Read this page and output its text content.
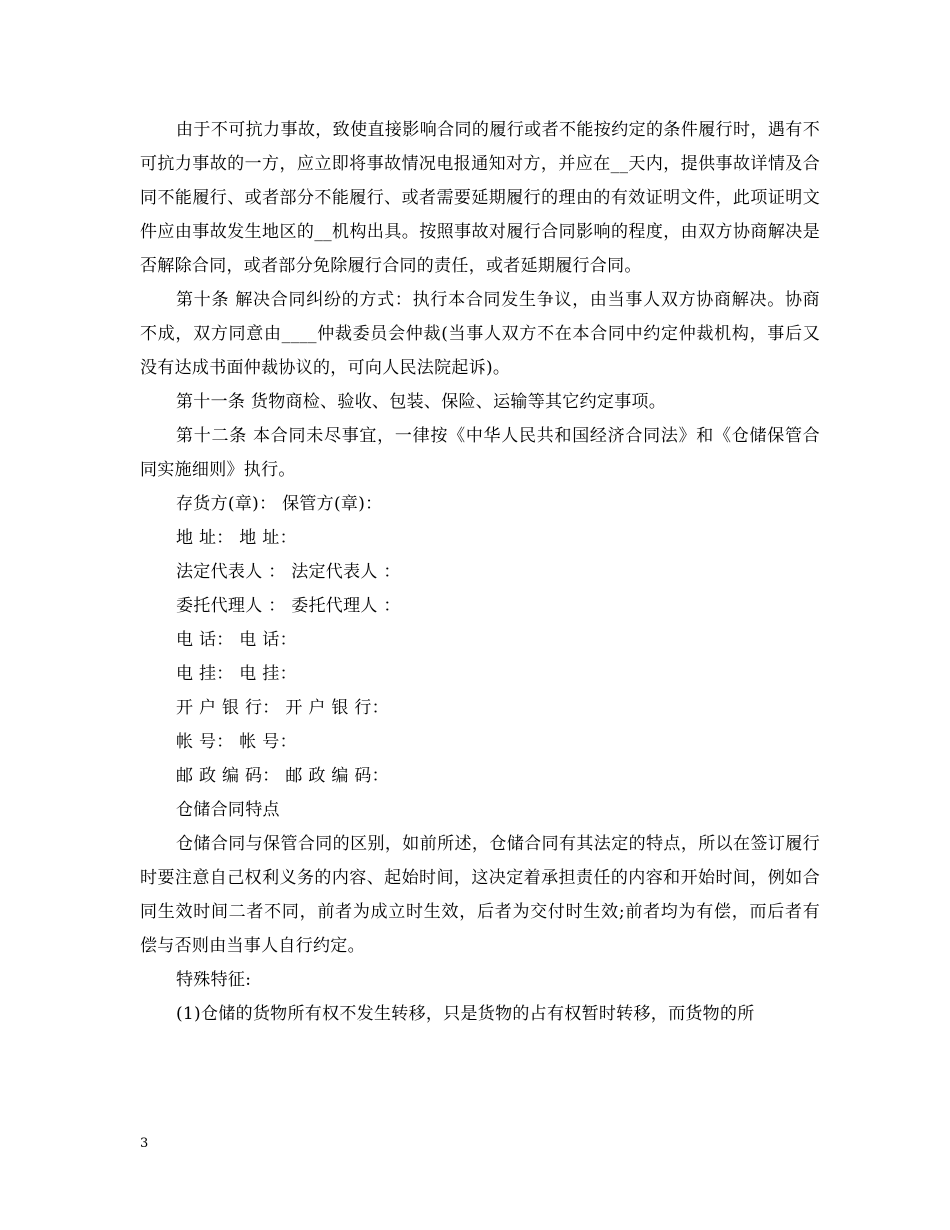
由于不可抗力事故，致使直接影响合同的履行或者不能按约定的条件履行时，遇有不可抗力事故的一方，应立即将事故情况电报通知对方，并应在__天内，提供事故详情及合同不能履行、或者部分不能履行、或者需要延期履行的理由的有效证明文件，此项证明文件应由事故发生地区的__机构出具。按照事故对履行合同影响的程度，由双方协商解决是否解除合同，或者部分免除履行合同的责任，或者延期履行合同。

第十条 解决合同纠纷的方式：执行本合同发生争议，由当事人双方协商解决。协商不成，双方同意由____仲裁委员会仲裁(当事人双方不在本合同中约定仲裁机构，事后又没有达成书面仲裁协议的，可向人民法院起诉)。

第十一条 货物商检、验收、包装、保险、运输等其它约定事项。

第十二条 本合同未尽事宜，一律按《中华人民共和国经济合同法》和《仓储保管合同实施细则》执行。

存货方(章)： 保管方(章)：

地 址： 地 址：

法定代表人 ： 法定代表人 ：

委托代理人 ： 委托代理人 ：

电 话： 电 话：

电 挂： 电 挂：

开 户 银 行： 开 户 银 行：

帐 号： 帐 号：

邮 政 编 码： 邮 政 编 码：

仓储合同特点

仓储合同与保管合同的区别，如前所述，仓储合同有其法定的特点，所以在签订履行时要注意自己权利义务的内容、起始时间，这决定着承担责任的内容和开始时间，例如合同生效时间二者不同，前者为成立时生效，后者为交付时生效;前者均为有偿，而后者有偿与否则由当事人自行约定。

特殊特征:

(1)仓储的货物所有权不发生转移，只是货物的占有权暂时转移，而货物的所

3
